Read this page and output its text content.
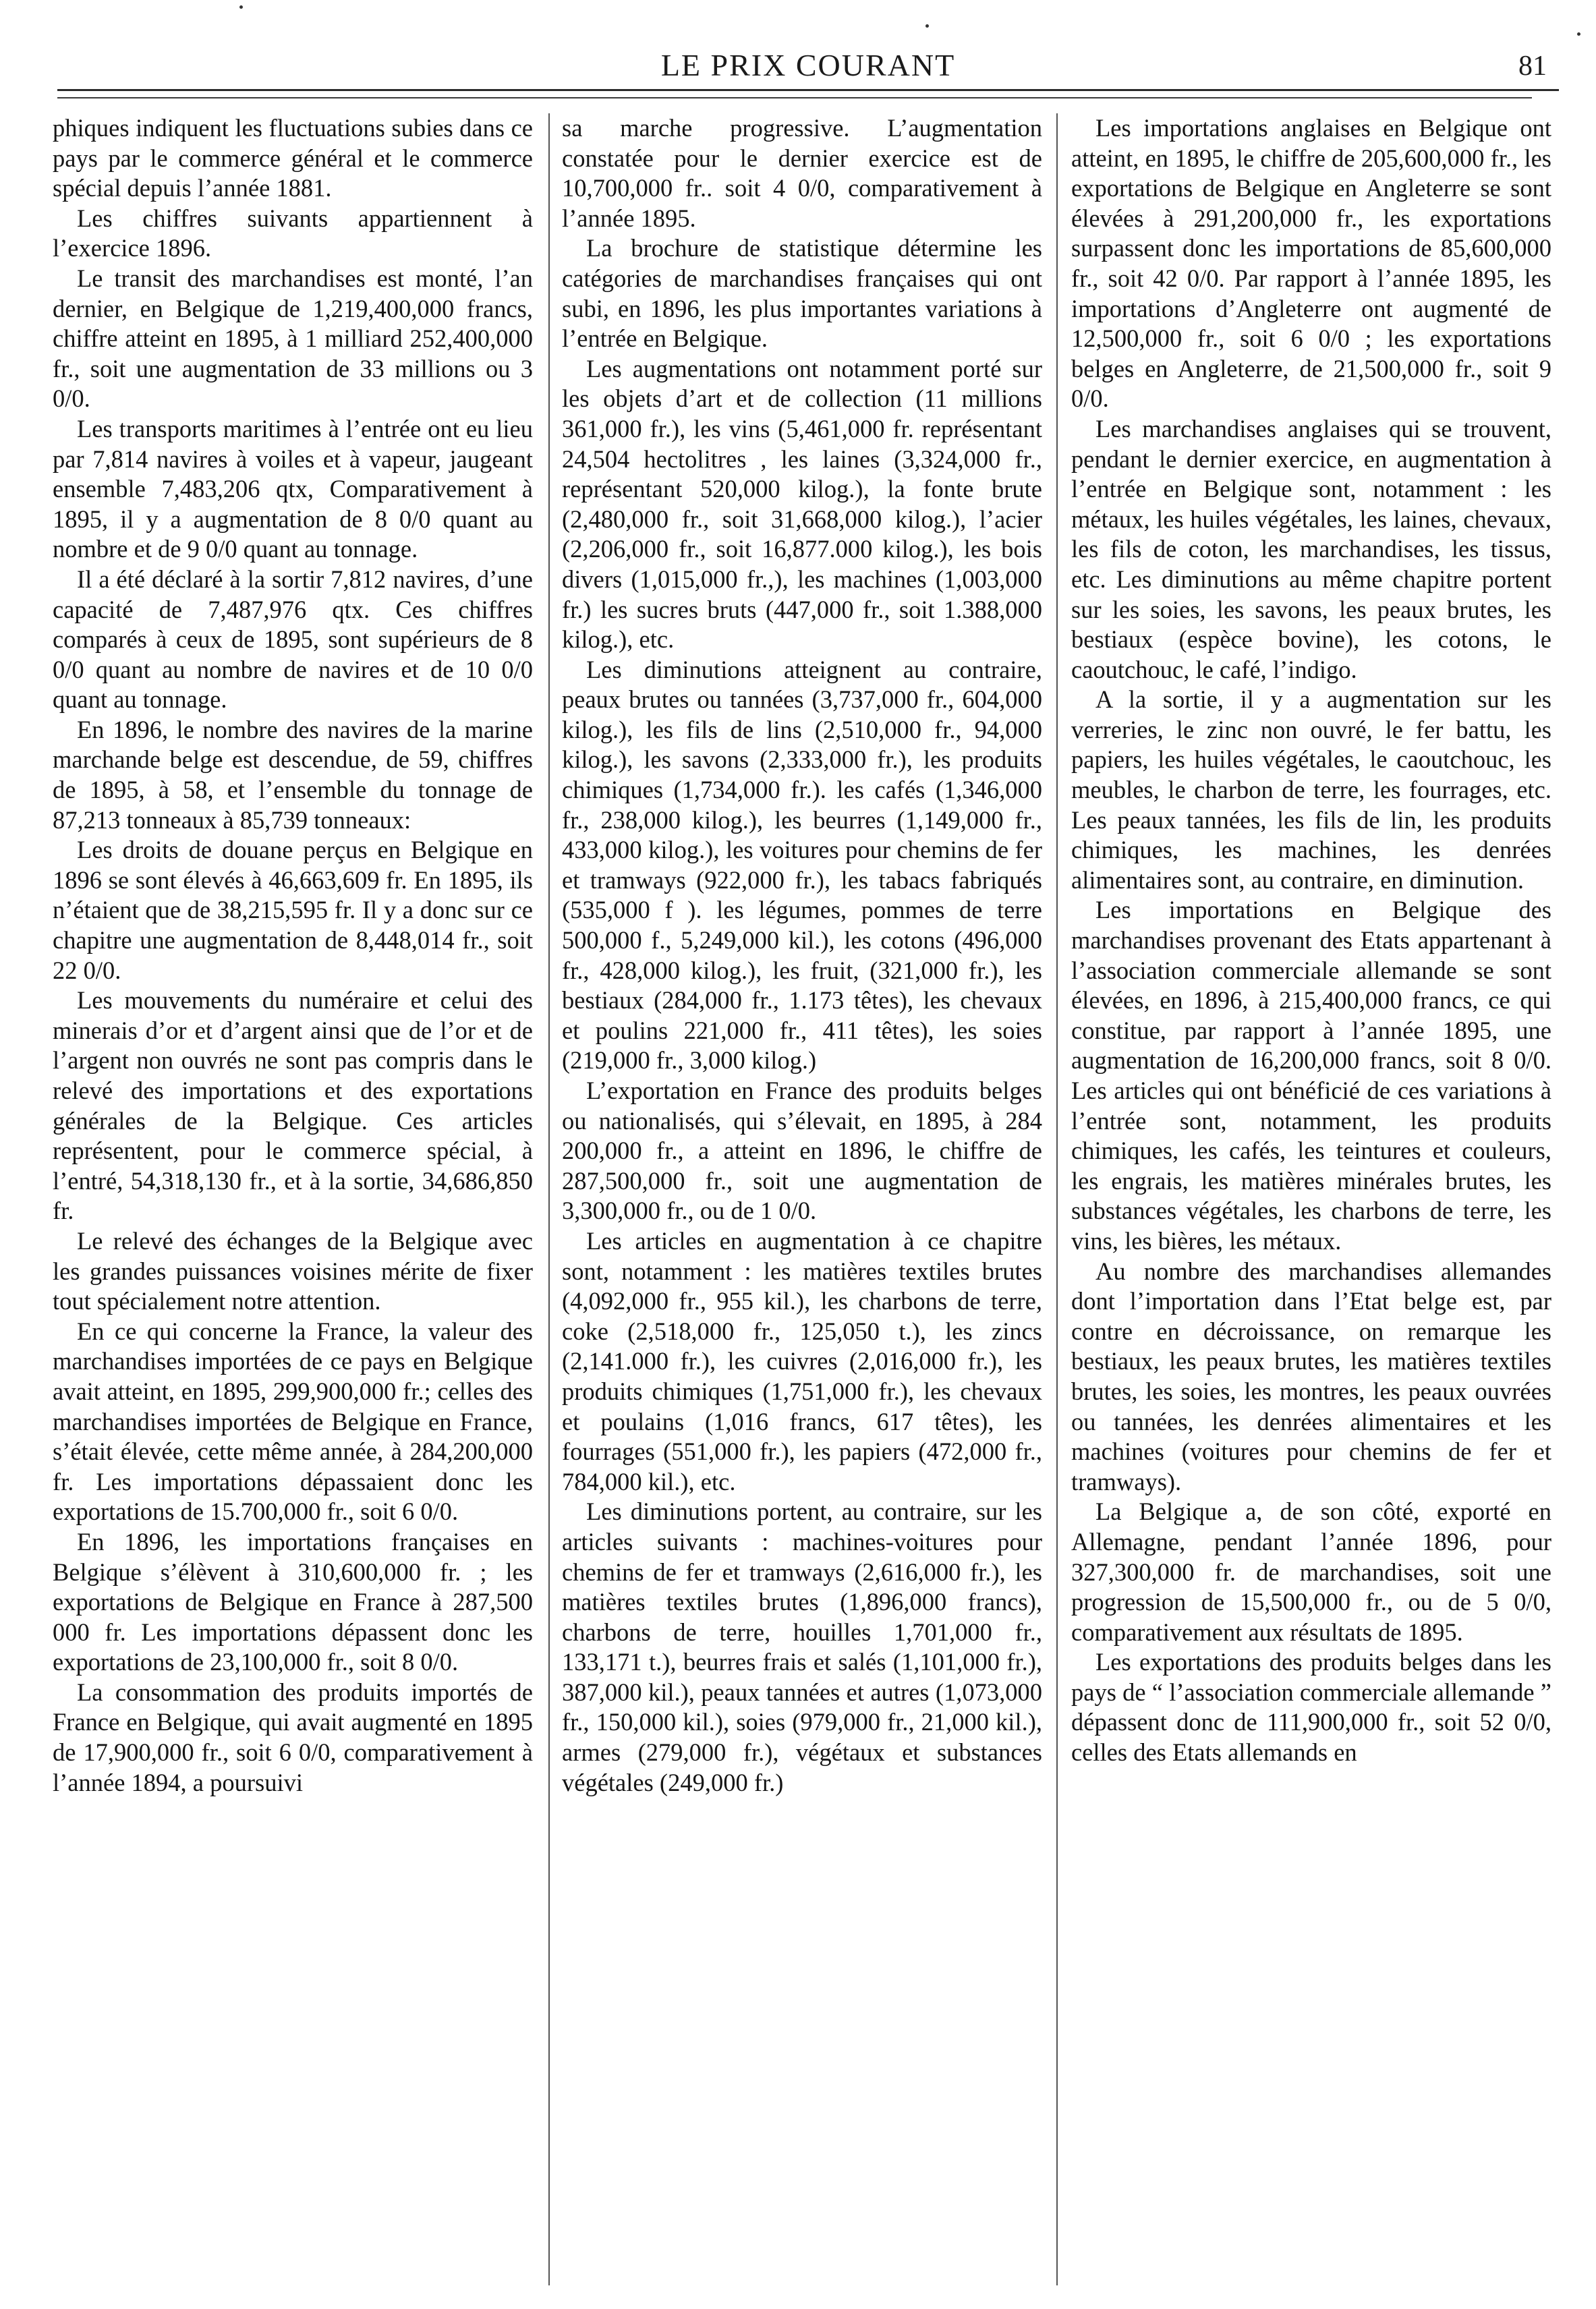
LE PRIX COURANT	81

phiques indiquent les fluctuations subies dans ce pays par le commerce général et le commerce spécial depuis l’année 1881.

Les chiffres suivants appartiennent à l’exercice 1896.

Le transit des marchandises est monté, l’an dernier, en Belgique de 1,219,400,000 francs, chiffre atteint en 1895, à 1 milliard 252,400,000 fr., soit une augmentation de 33 millions ou 3 0/0.

Les transports maritimes à l’entrée ont eu lieu par 7,814 navires à voiles et à vapeur, jaugeant ensemble 7,483,206 qtx, Comparativement à 1895, il y a augmentation de 8 0/0 quant au nombre et de 9 0/0 quant au tonnage.

Il a été déclaré à la sortir 7,812 navires, d’une capacité de 7,487,976 qtx. Ces chiffres comparés à ceux de 1895, sont supérieurs de 8 0/0 quant au nombre de navires et de 10 0/0 quant au tonnage.

En 1896, le nombre des navires de la marine marchande belge est descendue, de 59, chiffres de 1895, à 58, et l’ensemble du tonnage de 87,213 tonneaux à 85,739 tonneaux:

Les droits de douane perçus en Belgique en 1896 se sont élevés à 46,663,609 fr. En 1895, ils n’étaient que de 38,215,595 fr. Il y a donc sur ce chapitre une augmentation de 8,448,014 fr., soit 22 0/0.

Les mouvements du numéraire et celui des minerais d’or et d’argent ainsi que de l’or et de l’argent non ouvrés ne sont pas compris dans le relevé des importations et des exportations générales de la Belgique. Ces articles représentent, pour le commerce spécial, à l’entré, 54,318,130 fr., et à la sortie, 34,686,850 fr.

Le relevé des échanges de la Belgique avec les grandes puissances voisines mérite de fixer tout spécialement notre attention.

En ce qui concerne la France, la valeur des marchandises importées de ce pays en Belgique avait atteint, en 1895, 299,900,000 fr.; celles des marchandises importées de Belgique en France, s’était élevée, cette même année, à 284,200,000 fr. Les importations dépassaient donc les exportations de 15.700,000 fr., soit 6 0/0.

En 1896, les importations françaises en Belgique s’élèvent à 310,600,000 fr. ; les exportations de Belgique en France à 287,500 000 fr. Les importations dépassent donc les exportations de 23,100,000 fr., soit 8 0/0.

La consommation des produits importés de France en Belgique, qui avait augmenté en 1895 de 17,900,000 fr., soit 6 0/0, comparativement à l’année 1894, a poursuivi

sa marche progressive. L’augmentation constatée pour le dernier exercice est de 10,700,000 fr.. soit 4 0/0, comparativement à l’année 1895.

La brochure de statistique détermine les catégories de marchandises françaises qui ont subi, en 1896, les plus importantes variations à l’entrée en Belgique.

Les augmentations ont notamment porté sur les objets d’art et de collection (11 millions 361,000 fr.), les vins (5,461,000 fr. représentant 24,504 hectolitres , les laines (3,324,000 fr., représentant 520,000 kilog.), la fonte brute (2,480,000 fr., soit 31,668,000 kilog.), l’acier (2,206,000 fr., soit 16,877.000 kilog.), les bois divers (1,015,000 fr.,), les machines (1,003,000 fr.) les sucres bruts (447,000 fr., soit 1.388,000 kilog.), etc.

Les diminutions atteignent au contraire, peaux brutes ou tannées (3,737,000 fr., 604,000 kilog.), les fils de lins (2,510,000 fr., 94,000 kilog.), les savons (2,333,000 fr.), les produits chimiques (1,734,000 fr.). les cafés (1,346,000 fr., 238,000 kilog.), les beurres (1,149,000 fr., 433,000 kilog.), les voitures pour chemins de fer et tramways (922,000 fr.), les tabacs fabriqués (535,000 f ). les légumes, pommes de terre 500,000 f., 5,249,000 kil.), les cotons (496,000 fr., 428,000 kilog.), les fruit, (321,000 fr.), les bestiaux (284,000 fr., 1.173 têtes), les chevaux et poulins 221,000 fr., 411 têtes), les soies (219,000 fr., 3,000 kilog.)

L’exportation en France des produits belges ou nationalisés, qui s’élevait, en 1895, à 284 200,000 fr., a atteint en 1896, le chiffre de 287,500,000 fr., soit une augmentation de 3,300,000 fr., ou de 1 0/0.

Les articles en augmentation à ce chapitre sont, notamment : les matières textiles brutes (4,092,000 fr., 955 kil.), les charbons de terre, coke (2,518,000 fr., 125,050 t.), les zincs (2,141.000 fr.), les cuivres (2,016,000 fr.), les produits chimiques (1,751,000 fr.), les chevaux et poulains (1,016 francs, 617 têtes), les fourrages (551,000 fr.), les papiers (472,000 fr., 784,000 kil.), etc.

Les diminutions portent, au contraire, sur les articles suivants : machines-voitures pour chemins de fer et tramways (2,616,000 fr.), les matières textiles brutes (1,896,000 francs), charbons de terre, houilles 1,701,000 fr., 133,171 t.), beurres frais et salés (1,101,000 fr.), 387,000 kil.), peaux tannées et autres (1,073,000 fr., 150,000 kil.), soies (979,000 fr., 21,000 kil.), armes (279,000 fr.), végétaux et substances végétales (249,000 fr.)

Les importations anglaises en Belgique ont atteint, en 1895, le chiffre de 205,600,000 fr., les exportations de Belgique en Angleterre se sont élevées à 291,200,000 fr., les exportations surpassent donc les importations de 85,600,000 fr., soit 42 0/0. Par rapport à l’année 1895, les importations d’Angleterre ont augmenté de 12,500,000 fr., soit 6 0/0 ; les exportations belges en Angleterre, de 21,500,000 fr., soit 9 0/0.

Les marchandises anglaises qui se trouvent, pendant le dernier exercice, en augmentation à l’entrée en Belgique sont, notamment : les métaux, les huiles végétales, les laines, chevaux, les fils de coton, les marchandises, les tissus, etc. Les diminutions au même chapitre portent sur les soies, les savons, les peaux brutes, les bestiaux (espèce bovine), les cotons, le caoutchouc, le café, l’indigo.

A la sortie, il y a augmentation sur les verreries, le zinc non ouvré, le fer battu, les papiers, les huiles végétales, le caoutchouc, les meubles, le charbon de terre, les fourrages, etc. Les peaux tannées, les fils de lin, les produits chimiques, les machines, les denrées alimentaires sont, au contraire, en diminution.

Les importations en Belgique des marchandises provenant des Etats appartenant à l’association commerciale allemande se sont élevées, en 1896, à 215,400,000 francs, ce qui constitue, par rapport à l’année 1895, une augmentation de 16,200,000 francs, soit 8 0/0. Les articles qui ont bénéficié de ces variations à l’entrée sont, notamment, les produits chimiques, les cafés, les teintures et couleurs, les engrais, les matières minérales brutes, les substances végétales, les charbons de terre, les vins, les bières, les métaux.

Au nombre des marchandises allemandes dont l’importation dans l’Etat belge est, par contre en décroissance, on remarque les bestiaux, les peaux brutes, les matières textiles brutes, les soies, les montres, les peaux ouvrées ou tannées, les denrées alimentaires et les machines (voitures pour chemins de fer et tramways).

La Belgique a, de son côté, exporté en Allemagne, pendant l’année 1896, pour 327,300,000 fr. de marchandises, soit une progression de 15,500,000 fr., ou de 5 0/0, comparativement aux résultats de 1895.

Les exportations des produits belges dans les pays de “ l’association commerciale allemande ” dépassent donc de 111,900,000 fr., soit 52 0/0, celles des Etats allemands en
